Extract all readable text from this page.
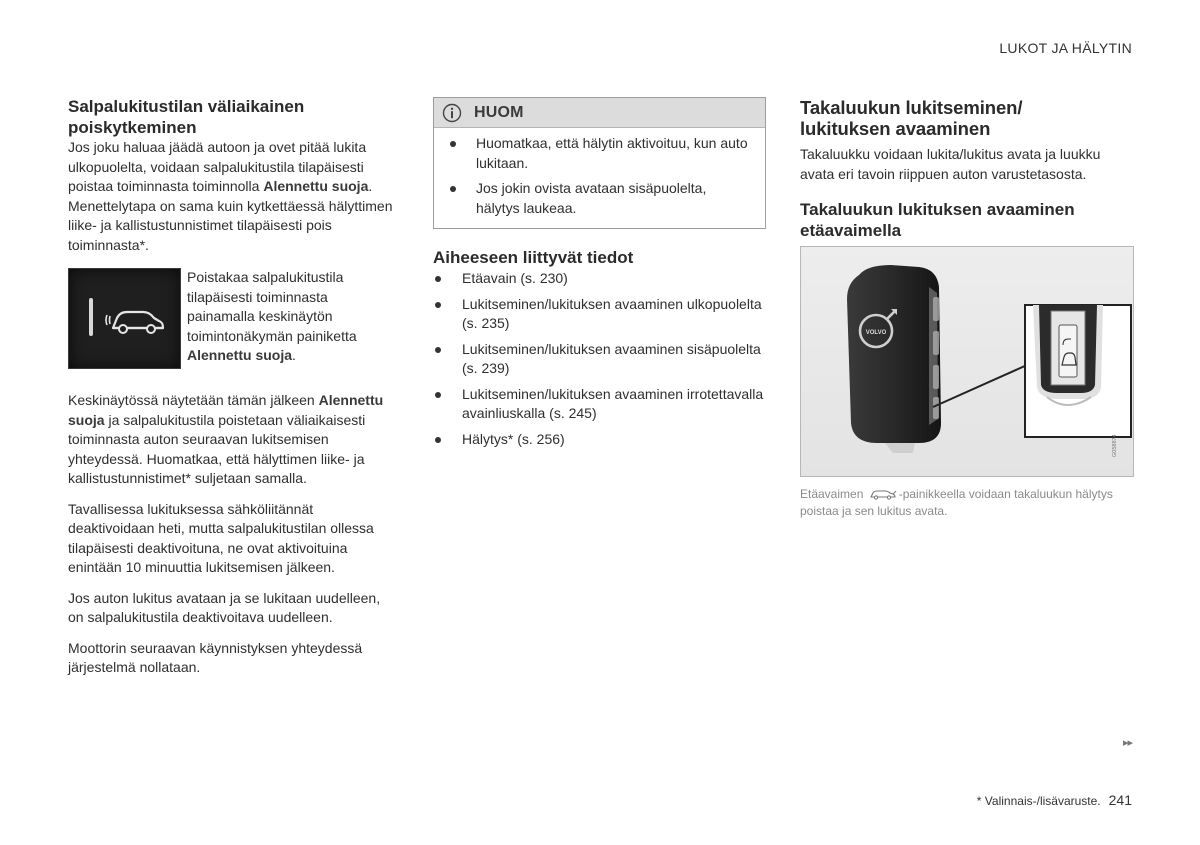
LUKOT JA HÄLYTIN
Salpalukitustilan väliaikainen poiskytkeminen

Jos joku haluaa jäädä autoon ja ovet pitää lukita ulkopuolelta, voidaan salpalukitustila tilapäisesti poistaa toiminnasta toiminnolla Alennettu suoja. Menettelytapa on sama kuin kytkettäessä hälyttimen liike- ja kallistustunnistimet tilapäisesti pois toiminnasta*.

Poistakaa salpalukitustila tilapäisesti toiminnasta painamalla keskinäytön toimintonäkymän painiketta Alennettu suoja.

Keskinäytössä näytetään tämän jälkeen Alennettu suoja ja salpalukitustila poistetaan väliaikaisesti toiminnasta auton seuraavan lukitsemisen yhteydessä. Huomatkaa, että hälyttimen liike- ja kallistustunnistimet* suljetaan samalla.

Tavallisessa lukituksessa sähköliitännät deaktivoidaan heti, mutta salpalukitustilan ollessa tilapäisesti deaktivoituna, ne ovat aktivoituina enintään 10 minuuttia lukitsemisen jälkeen.

Jos auton lukitus avataan ja se lukitaan uudelleen, on salpalukitustila deaktivoitava uudelleen.

Moottorin seuraavan käynnistyksen yhteydessä järjestelmä nollataan.

HUOM
Huomatkaa, että hälytin aktivoituu, kun auto lukitaan.
Jos jokin ovista avataan sisäpuolelta, hälytys laukeaa.
Aiheeseen liittyvät tiedot
Etäavain (s. 230)
Lukitseminen/lukituksen avaaminen ulkopuolelta (s. 235)
Lukitseminen/lukituksen avaaminen sisäpuolelta (s. 239)
Lukitseminen/lukituksen avaaminen irrotettavalla avainliuskalla (s. 245)
Hälytys* (s. 256)
Takaluukun lukitseminen/ lukituksen avaaminen

Takaluukku voidaan lukita/lukitus avata ja luukku avata eri tavoin riippuen auton varustetasosta.

Takaluukun lukituksen avaaminen etäavaimella
VOLVO
G058874
Etäavaimen	-painikkeella voidaan takaluukun hälytys poistaa ja sen lukitus avata.
▸▸
* Valinnais-/lisävaruste. 241
